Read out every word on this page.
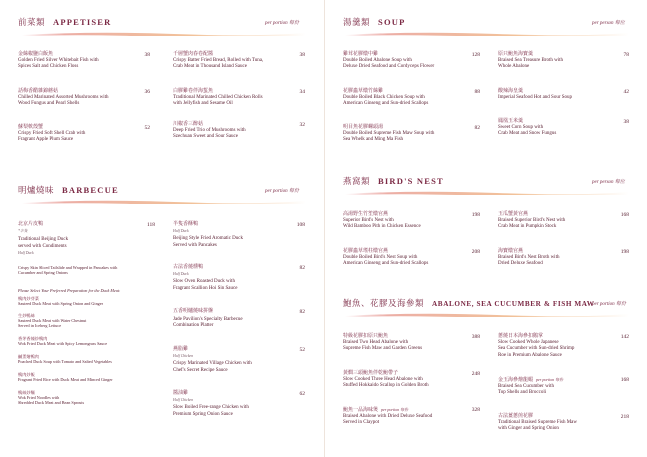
前菜類 APPETISER	per portion 每份
金絲椒鹽白飯魚
Golden Fried Silver Whitebait Fish with
Spices Salt and Chicken Floss
38	千層蟹肉春卷配醬
Crispy Batter Fried Bread, Rolled with Tuna,
Crab Meat in Thousand Island Sauce
38
話梅香醋雜錦蘑菇
Chilled Marinated Assorted Mushrooms with
Wood Fungus and Pearl Shells
36	白膠雞卷伴海蜇魚
Traditional Marinated Chilled Chicken Rolls
with Jellyfish and Sesame Oil
34
蘇梨軟殼蟹
Crispy Fried Soft Shell Crab with
Fragrant Apple Plum Sauce
52
川椒香三醉菇
Deep Fried Trio of Mushrooms with
Szechuan Sweet and Sour Sauce
32
明爐燒味 BARBECUE	per portion 每份
北京片皮鴨
*半隻
Traditional Beijing Duck
served with Condiments
Half Duck
118
Crispy Skin Sliced Tailslide and Wrapped in Pancakes with
Cucumber and Spring Onions
Please Select Your Preferred Preparation for the Duck Meat:
鴨肉炒芽菜
Sauteed Duck Meat with Spring Onion and Ginger
生炒鴨絲
Sauteed Duck Meat with Water Chestnut
Served in Iceberg Lettuce
香茅香辣炒鴨肉
Wok Fried Duck Meat with Spicy Lemongrass Sauce
鹹蛋燴鴨肉
Poached Duck Soup with Tomato and Salted Vegetables
鴨肉炒飯
Fragrant Fried Rice with Duck Meat and Minced Ginger
鴨絲炒麵
Wok Fried Noodles with
Shredded Duck Meat and Bean Sprouts
半隻香酥鴨
Half Duck
Beijing Style Fried Aromatic Duck
Served with Pancakes
108
古法香燒燻鴨
Half Duck
Slow Oven Roasted Duck with
Fragrant Scallion Hoi Sin Sauce
82
五香明爐燒味拼盤
Jade Pavilion's Specialty Barbecue
Combination Platter
82
燕脂雞
Half Chicken
Crispy Marinated Village Chicken with
Chef's Secret Recipe Sauce
52
醬油雞
Half Chicken
Slow Boiled Free-range Chicken with
Premium Spring Onion Sauce
62
湯羹類 SOUP	per person 每位
雞茸花膠燉中雞
Double Boiled Abalone Soup with
Deluxe Dried Seafood and Cordyceps Flower
128	原只鮑魚海寶羹
Braised Sea Treasure Broth with
Whole Abalone
78
花膠蟲草燉竹絲雞
Double Boiled Black Chicken Soup with
American Ginseng and Sun-dried Scallops
88	酸辣海皇羹
Imperial Seafood Hot and Sour Soup
42
明目魚花膠螺頭湯
Double Boiled Supreme Fish Maw Soup with
Sea Whelk and Ming Ma Fish
82
鳳凰玉米羹
Sweet Corn Soup with
Crab Meat and Snow Fungus
38
燕窩類 BIRD'S NEST	per person 每位
高湯野生竹笙燉官燕
Superior Bird's Nest with
Wild Bamboo Pith in Chicken Essence
198	玉瓜蟹黃官燕
Braised Superior Bird's Nest with
Crab Meat in Pumpkin Stock
168
花膠蟲草瑤柱燉官燕
Double Boiled Bird's Nest Soup with
American Ginseng and Sun-dried Scallops
208	海寶燉官燕
Braised Bird's Nest Broth with
Dried Deluxe Seafood
198
鮑魚、花膠及海參類 ABALONE, SEA CUCUMBER & FISH MAW
per portion 每份
特級花膠扣原只鮑魚
Braised Two Head Abalone with
Supreme Fish Maw and Garden Greens
388	蔥燒日本海參扣鵝掌
Slow Cooked Whole Japanese
Sea Cucumber with Sun-dried Shrimp
Roe in Premium Abalone Sauce
142
黃燜三頭鮑魚伴乾鮑帶子
Slow Cooked Three Head Abalone with
Stuffed Hokkaido Scallop in Golden Broth
248
金玉海參燴龍蝦 per portion 每份
Braised Sea Cucumber with
Top Shells and Broccoli
168
鮑魚一品海味煲 per portion 每份
Braised Abalone with Dried Deluxe Seafood
Served in Claypot
328
古法薑蔥煎花膠
Traditional Braised Supreme Fish Maw
with Ginger and Spring Onion
218
